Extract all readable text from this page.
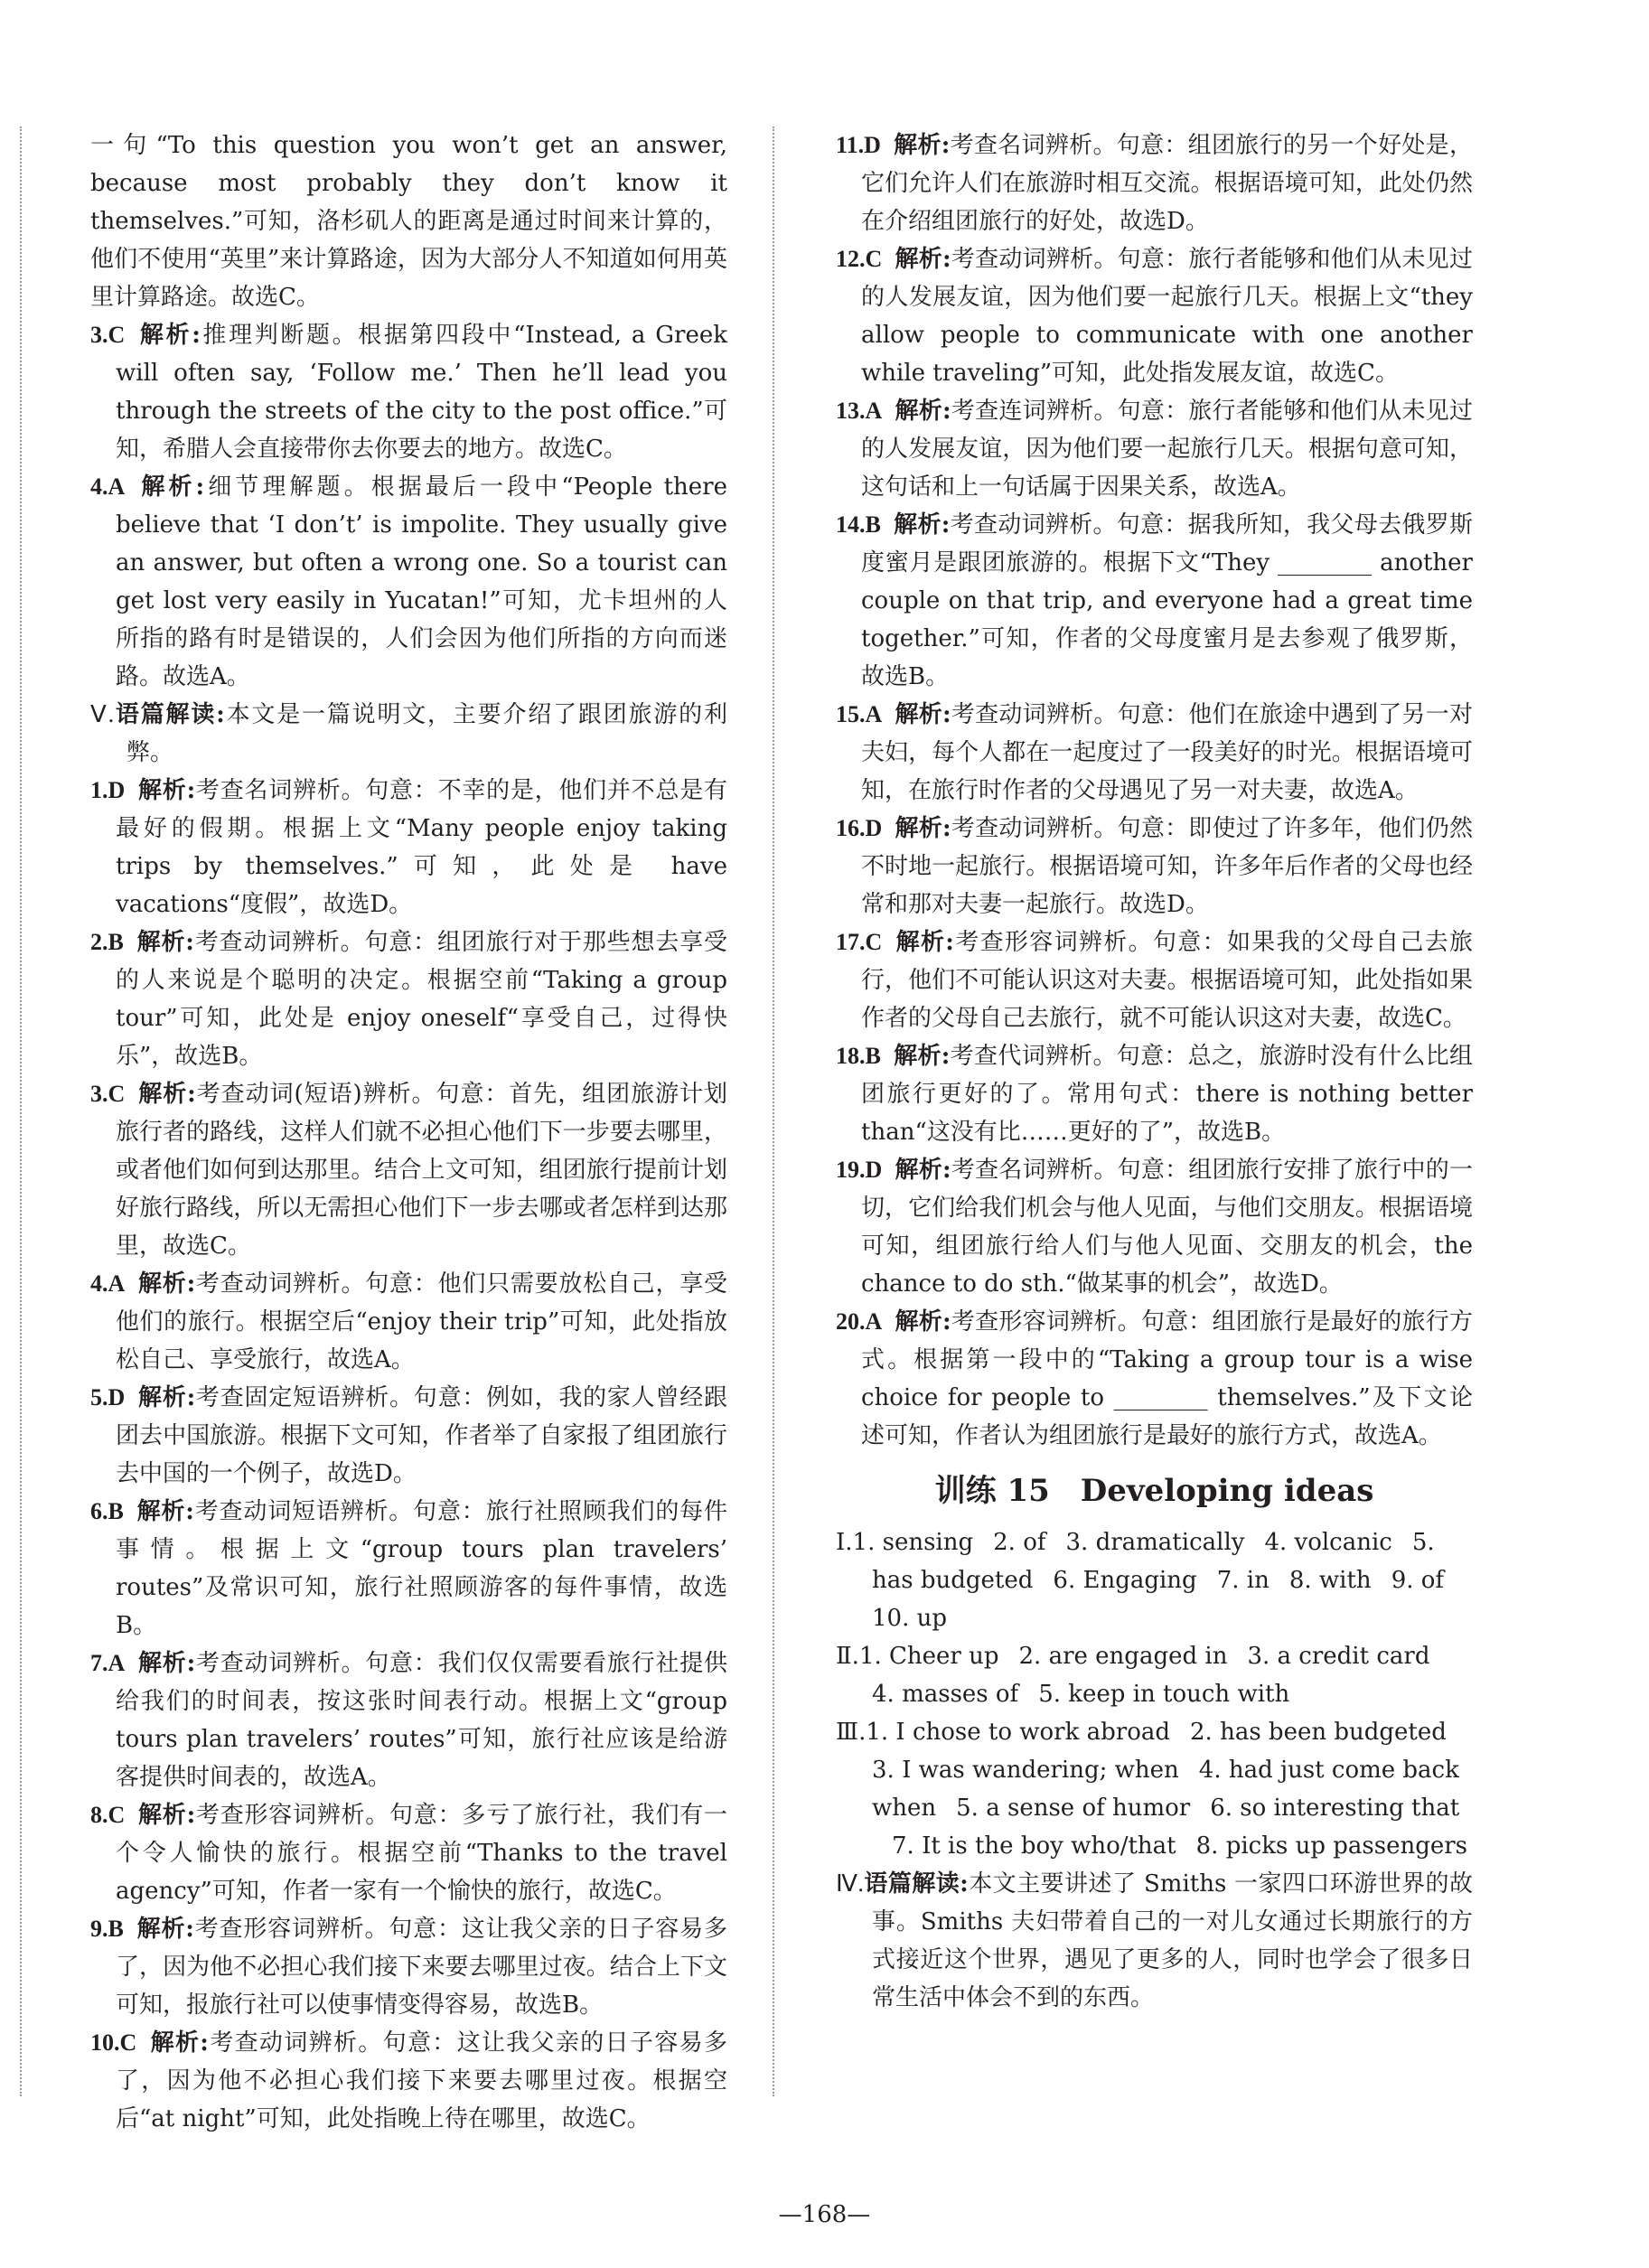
一句“To this question you won’t get an answer, because most probably they don’t know it themselves.”可知，洛杉矶人的距离是通过时间来计算的，他们不使用“英里”来计算路途，因为大部分人不知道如何用英里计算路途。故选C。

3.C 解析:推理判断题。根据第四段中“Instead, a Greek will often say, ‘Follow me.’ Then he’ll lead you through the streets of the city to the post office.”可知，希腊人会直接带你去你要去的地方。故选C。

4.A 解析:细节理解题。根据最后一段中“People there believe that ‘I don’t’ is impolite. They usually give an answer, but often a wrong one. So a tourist can get lost very easily in Yucatan!”可知，尤卡坦州的人所指的路有时是错误的，人们会因为他们所指的方向而迷路。故选A。

Ⅴ.语篇解读:本文是一篇说明文，主要介绍了跟团旅游的利弊。

1.D 解析:考查名词辨析。句意：不幸的是，他们并不总是有最好的假期。根据上文“Many people enjoy taking trips by themselves.”可知，此处是 have vacations“度假”，故选D。

2.B 解析:考查动词辨析。句意：组团旅行对于那些想去享受的人来说是个聪明的决定。根据空前“Taking a group tour”可知，此处是 enjoy oneself“享受自己，过得快乐”，故选B。

3.C 解析:考查动词(短语)辨析。句意：首先，组团旅游计划旅行者的路线，这样人们就不必担心他们下一步要去哪里，或者他们如何到达那里。结合上文可知，组团旅行提前计划好旅行路线，所以无需担心他们下一步去哪或者怎样到达那里，故选C。

4.A 解析:考查动词辨析。句意：他们只需要放松自己，享受他们的旅行。根据空后“enjoy their trip”可知，此处指放松自己、享受旅行，故选A。

5.D 解析:考查固定短语辨析。句意：例如，我的家人曾经跟团去中国旅游。根据下文可知，作者举了自家报了组团旅行去中国的一个例子，故选D。

6.B 解析:考查动词短语辨析。句意：旅行社照顾我们的每件事情。根据上文“group tours plan travelers’ routes”及常识可知，旅行社照顾游客的每件事情，故选B。

7.A 解析:考查动词辨析。句意：我们仅仅需要看旅行社提供给我们的时间表，按这张时间表行动。根据上文“group tours plan travelers’ routes”可知，旅行社应该是给游客提供时间表的，故选A。

8.C 解析:考查形容词辨析。句意：多亏了旅行社，我们有一个令人愉快的旅行。根据空前“Thanks to the travel agency”可知，作者一家有一个愉快的旅行，故选C。

9.B 解析:考查形容词辨析。句意：这让我父亲的日子容易多了，因为他不必担心我们接下来要去哪里过夜。结合上下文可知，报旅行社可以使事情变得容易，故选B。

10.C 解析:考查动词辨析。句意：这让我父亲的日子容易多了，因为他不必担心我们接下来要去哪里过夜。根据空后“at night”可知，此处指晚上待在哪里，故选C。

11.D 解析:考查名词辨析。句意：组团旅行的另一个好处是，它们允许人们在旅游时相互交流。根据语境可知，此处仍然在介绍组团旅行的好处，故选D。

12.C 解析:考查动词辨析。句意：旅行者能够和他们从未见过的人发展友谊，因为他们要一起旅行几天。根据上文“they allow people to communicate with one another while traveling”可知，此处指发展友谊，故选C。

13.A 解析:考查连词辨析。句意：旅行者能够和他们从未见过的人发展友谊，因为他们要一起旅行几天。根据句意可知，这句话和上一句话属于因果关系，故选A。

14.B 解析:考查动词辨析。句意：据我所知，我父母去俄罗斯度蜜月是跟团旅游的。根据下文“They ________ another couple on that trip, and everyone had a great time together.”可知，作者的父母度蜜月是去参观了俄罗斯，故选B。

15.A 解析:考查动词辨析。句意：他们在旅途中遇到了另一对夫妇，每个人都在一起度过了一段美好的时光。根据语境可知，在旅行时作者的父母遇见了另一对夫妻，故选A。

16.D 解析:考查动词辨析。句意：即使过了许多年，他们仍然不时地一起旅行。根据语境可知，许多年后作者的父母也经常和那对夫妻一起旅行。故选D。

17.C 解析:考查形容词辨析。句意：如果我的父母自己去旅行，他们不可能认识这对夫妻。根据语境可知，此处指如果作者的父母自己去旅行，就不可能认识这对夫妻，故选C。

18.B 解析:考查代词辨析。句意：总之，旅游时没有什么比组团旅行更好的了。常用句式：there is nothing better than“这没有比……更好的了”，故选B。

19.D 解析:考查名词辨析。句意：组团旅行安排了旅行中的一切，它们给我们机会与他人见面，与他们交朋友。根据语境可知，组团旅行给人们与他人见面、交朋友的机会，the chance to do sth.“做某事的机会”，故选D。

20.A 解析:考查形容词辨析。句意：组团旅行是最好的旅行方式。根据第一段中的“Taking a group tour is a wise choice for people to ________ themselves.”及下文论述可知，作者认为组团旅行是最好的旅行方式，故选A。

训练 15　Developing ideas

Ⅰ.1. sensing 2. of 3. dramatically 4. volcanic 5. has budgeted 6. Engaging 7. in 8. with 9. of10. up

Ⅱ.1. Cheer up 2. are engaged in 3. a credit card

4. masses of 5. keep in touch with

Ⅲ.1. I chose to work abroad 2. has been budgeted3. I was wandering; when 4. had just come back when 5. a sense of humor 6. so interesting that7. It is the boy who/that 8. picks up passengers

Ⅳ.语篇解读:本文主要讲述了 Smiths 一家四口环游世界的故事。Smiths 夫妇带着自己的一对儿女通过长期旅行的方式接近这个世界，遇见了更多的人，同时也学会了很多日常生活中体会不到的东西。

—168—
